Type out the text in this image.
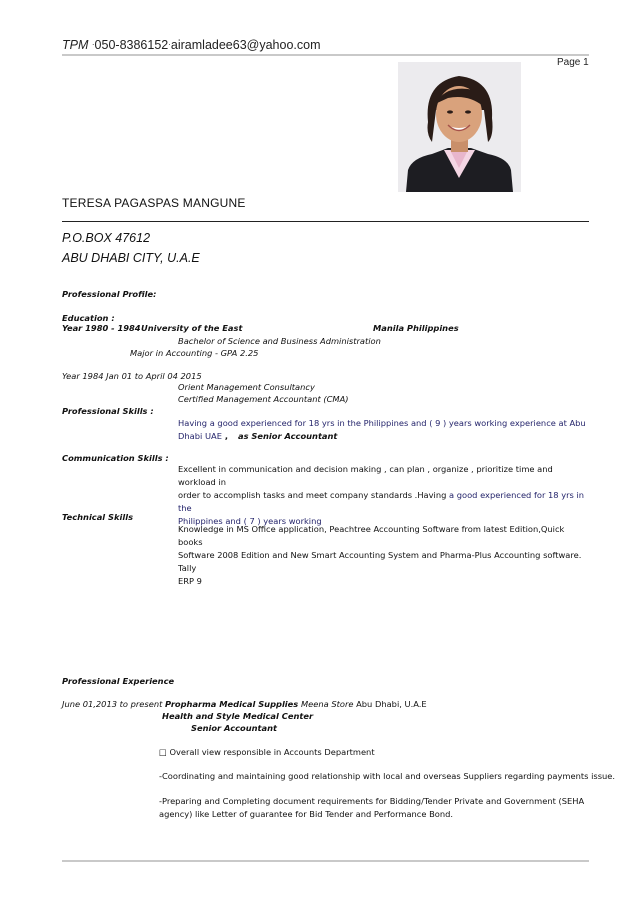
TPM ·050-8386152·airamladee63@yahoo.com
Page 1
TERESA PAGASPAS MANGUNE
P.O.BOX 47612
ABU DHABI CITY, U.A.E
Professional Profile:
Education :
Year 1980 - 1984 University of the East	Manila Philippines
Bachelor of Science and Business Administration
Major in Accounting - GPA 2.25
Year 1984 Jan 01 to April 04 2015
Orient Management Consultancy
Certified Management Accountant (CMA)
Professional Skills :
Having a good experienced for 18 yrs in the Philippines and ( 9 ) years working experience at Abu
Dhabi UAE , as Senior Accountant
Communication Skills :
Excellent in communication and decision making , can plan , organize , prioritize time and workload in
order to accomplish tasks and meet company standards .Having a good experienced for 18 yrs in the
Philippines and ( 7 ) years working
Technical Skills
Knowledge in MS Office application, Peachtree Accounting Software from latest Edition,Quick books
Software 2008 Edition and New Smart Accounting System and Pharma-Plus Accounting software. Tally
ERP 9
Professional Experience
June 01,2013 to present Propharma Medical Supplies Meena Store Abu Dhabi, U.A.E
Health and Style Medical Center
Senior Accountant
□ Overall view responsible in Accounts Department
-Coordinating and maintaining good relationship with local and overseas Suppliers regarding payments issue.
-Preparing and Completing document requirements for Bidding/Tender Private and Government (SEHA
agency) like Letter of guarantee for Bid Tender and Performance Bond.
